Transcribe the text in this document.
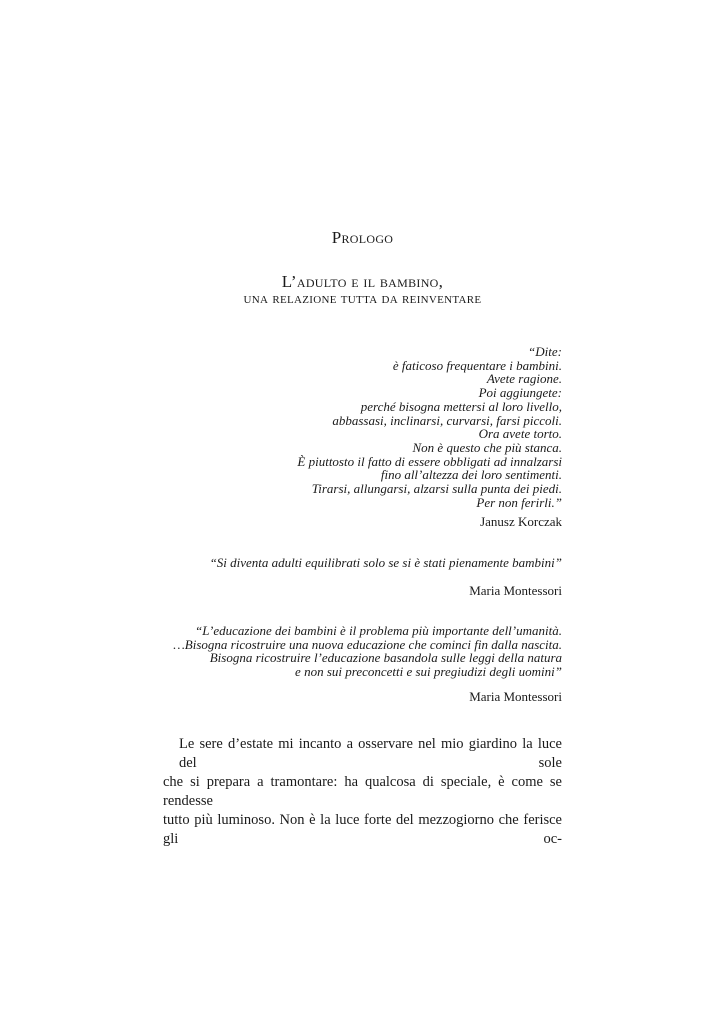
Prologo
L’adulto e il bambino,
una relazione tutta da reinventare
“Dite:
è faticoso frequentare i bambini.
Avete ragione.
Poi aggiungete:
perché bisogna mettersi al loro livello,
abbassasi, inclinarsi, curvarsi, farsi piccoli.
Ora avete torto.
Non è questo che più stanca.
È piuttosto il fatto di essere obbligati ad innalzarsi
fino all’altezza dei loro sentimenti.
Tirarsi, allungarsi, alzarsi sulla punta dei piedi.
Per non ferirli.”
Janusz Korczak
“Si diventa adulti equilibrati solo se si è stati pienamente bambini”
Maria Montessori
“L’educazione dei bambini è il problema più importante dell’umanità.
…Bisogna ricostruire una nuova educazione che cominci fin dalla nascita.
Bisogna ricostruire l’educazione basandola sulle leggi della natura
e non sui preconcetti e sui pregiudizi degli uomini”
Maria Montessori
Le sere d’estate mi incanto a osservare nel mio giardino la luce del sole
che si prepara a tramontare: ha qualcosa di speciale, è come se rendesse
tutto più luminoso. Non è la luce forte del mezzogiorno che ferisce gli oc-
